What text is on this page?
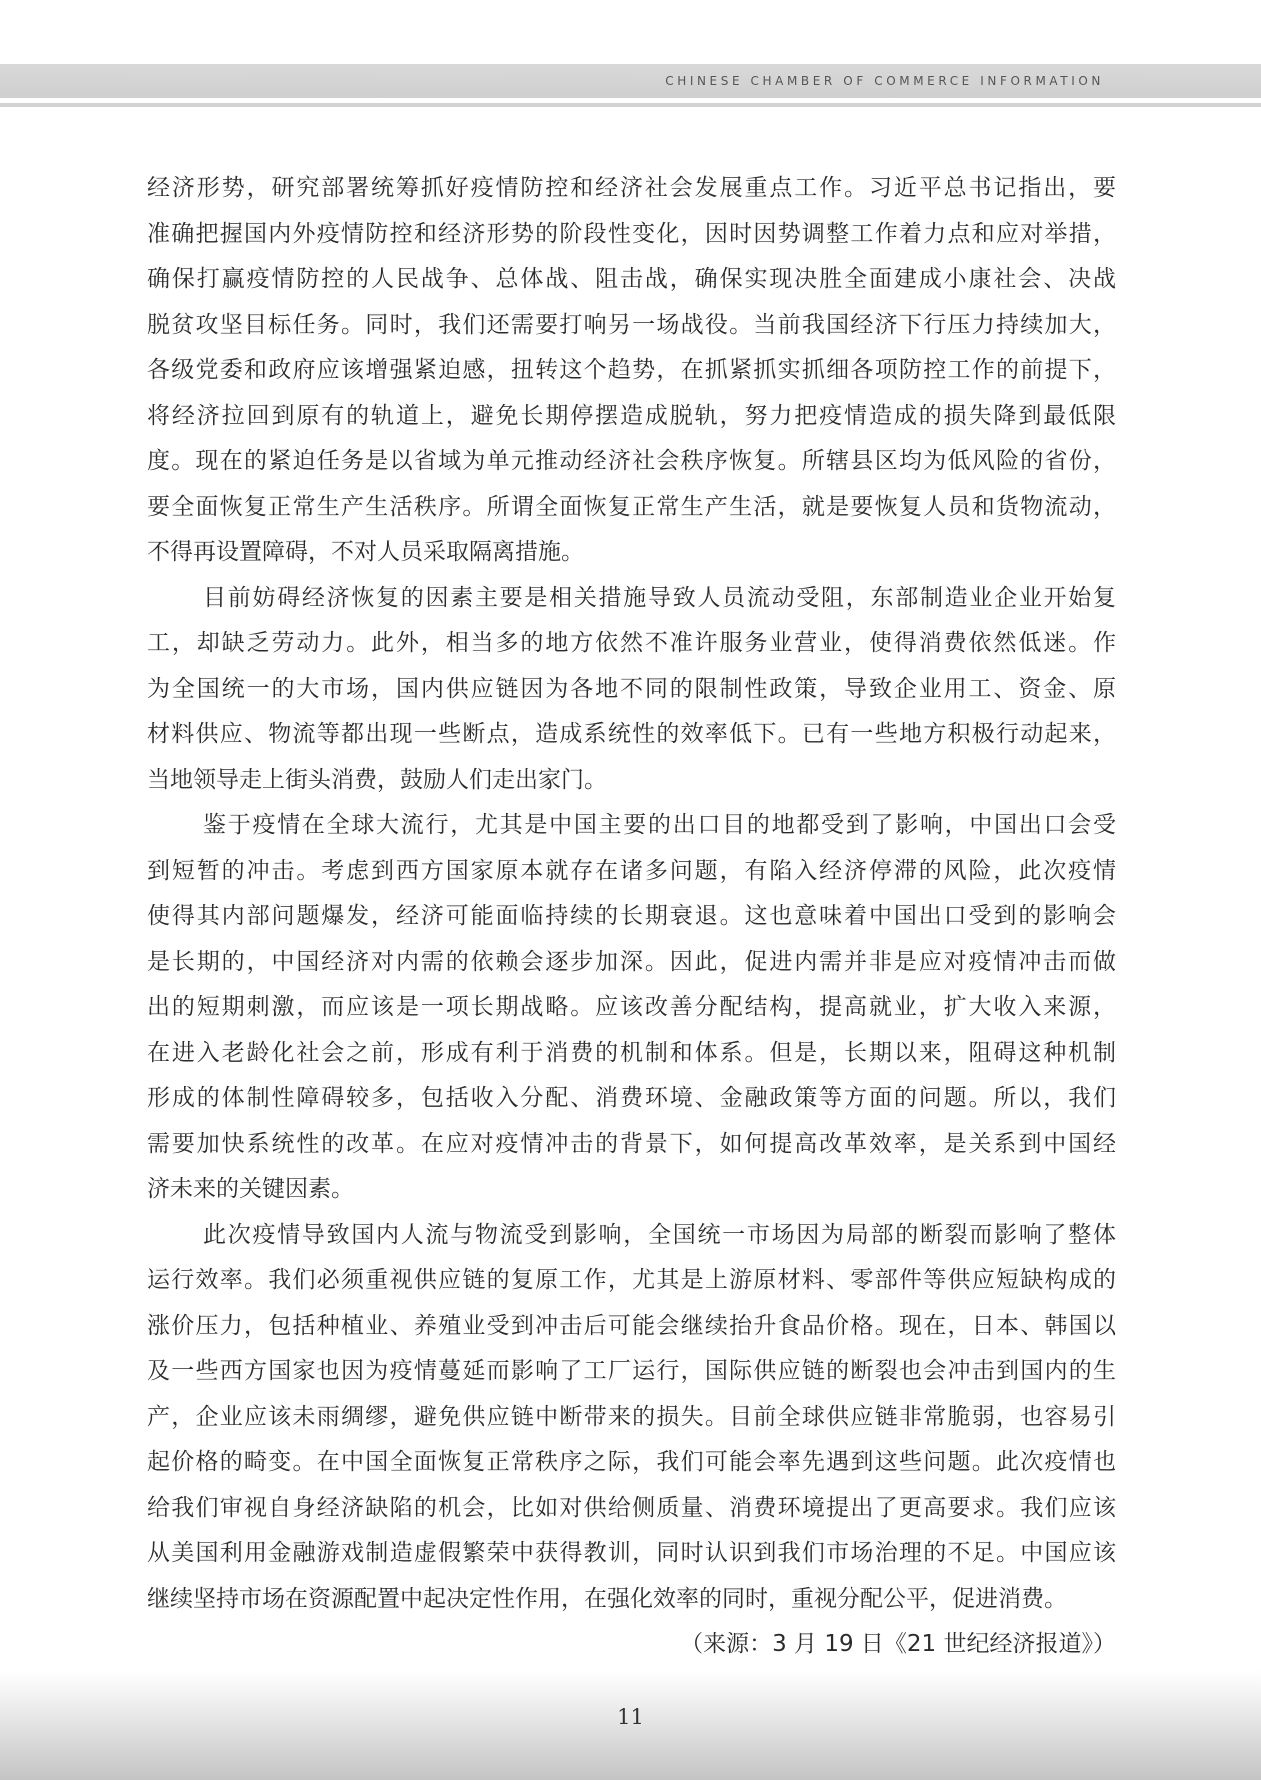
CHINESE CHAMBER OF COMMERCE INFORMATION
经济形势，研究部署统筹抓好疫情防控和经济社会发展重点工作。习近平总书记指出，要
准确把握国内外疫情防控和经济形势的阶段性变化，因时因势调整工作着力点和应对举措，
确保打赢疫情防控的人民战争、总体战、阻击战，确保实现决胜全面建成小康社会、决战
脱贫攻坚目标任务。同时，我们还需要打响另一场战役。当前我国经济下行压力持续加大，
各级党委和政府应该增强紧迫感，扭转这个趋势，在抓紧抓实抓细各项防控工作的前提下，
将经济拉回到原有的轨道上，避免长期停摆造成脱轨，努力把疫情造成的损失降到最低限
度。现在的紧迫任务是以省域为单元推动经济社会秩序恢复。所辖县区均为低风险的省份，
要全面恢复正常生产生活秩序。所谓全面恢复正常生产生活，就是要恢复人员和货物流动，
不得再设置障碍，不对人员采取隔离措施。
目前妨碍经济恢复的因素主要是相关措施导致人员流动受阻，东部制造业企业开始复
工，却缺乏劳动力。此外，相当多的地方依然不准许服务业营业，使得消费依然低迷。作
为全国统一的大市场，国内供应链因为各地不同的限制性政策，导致企业用工、资金、原
材料供应、物流等都出现一些断点，造成系统性的效率低下。已有一些地方积极行动起来，
当地领导走上街头消费，鼓励人们走出家门。
鉴于疫情在全球大流行，尤其是中国主要的出口目的地都受到了影响，中国出口会受
到短暂的冲击。考虑到西方国家原本就存在诸多问题，有陷入经济停滞的风险，此次疫情
使得其内部问题爆发，经济可能面临持续的长期衰退。这也意味着中国出口受到的影响会
是长期的，中国经济对内需的依赖会逐步加深。因此，促进内需并非是应对疫情冲击而做
出的短期刺激，而应该是一项长期战略。应该改善分配结构，提高就业，扩大收入来源，
在进入老龄化社会之前，形成有利于消费的机制和体系。但是，长期以来，阻碍这种机制
形成的体制性障碍较多，包括收入分配、消费环境、金融政策等方面的问题。所以，我们
需要加快系统性的改革。在应对疫情冲击的背景下，如何提高改革效率，是关系到中国经
济未来的关键因素。
此次疫情导致国内人流与物流受到影响，全国统一市场因为局部的断裂而影响了整体
运行效率。我们必须重视供应链的复原工作，尤其是上游原材料、零部件等供应短缺构成的
涨价压力，包括种植业、养殖业受到冲击后可能会继续抬升食品价格。现在，日本、韩国以
及一些西方国家也因为疫情蔓延而影响了工厂运行，国际供应链的断裂也会冲击到国内的生
产，企业应该未雨绸缪，避免供应链中断带来的损失。目前全球供应链非常脆弱，也容易引
起价格的畸变。在中国全面恢复正常秩序之际，我们可能会率先遇到这些问题。此次疫情也
给我们审视自身经济缺陷的机会，比如对供给侧质量、消费环境提出了更高要求。我们应该
从美国利用金融游戏制造虚假繁荣中获得教训，同时认识到我们市场治理的不足。中国应该
继续坚持市场在资源配置中起决定性作用，在强化效率的同时，重视分配公平，促进消费。
（来源：3 月 19 日《21 世纪经济报道》）
11
